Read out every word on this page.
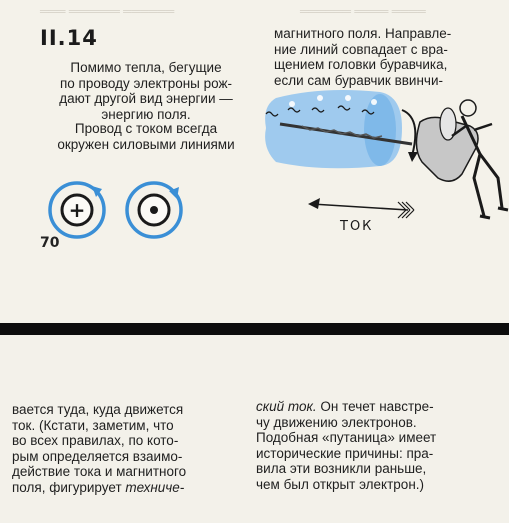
═══ ══════ ══════	══════ ════ ════
II.14
Помимо тепла, бегущие
по проводу электроны рож-
дают другой вид энергии —
энергию поля.
Провод с током всегда
окружен силовыми линиями
магнитного поля. Направле-
ние линий совпадает с вра-
щением головки буравчика,
если сам буравчик ввинчи-
+
ТОК
70
вается туда, куда движется
ток. (Кстати, заметим, что
во всех правилах, по кото-
рым определяется взаимо-
действие тока и магнитного
поля, фигурирует техниче-
ский ток. Он течет навстре-
чу движению электронов.
Подобная «путаница» имеет
исторические причины: пра-
вила эти возникли раньше,
чем был открыт электрон.)
